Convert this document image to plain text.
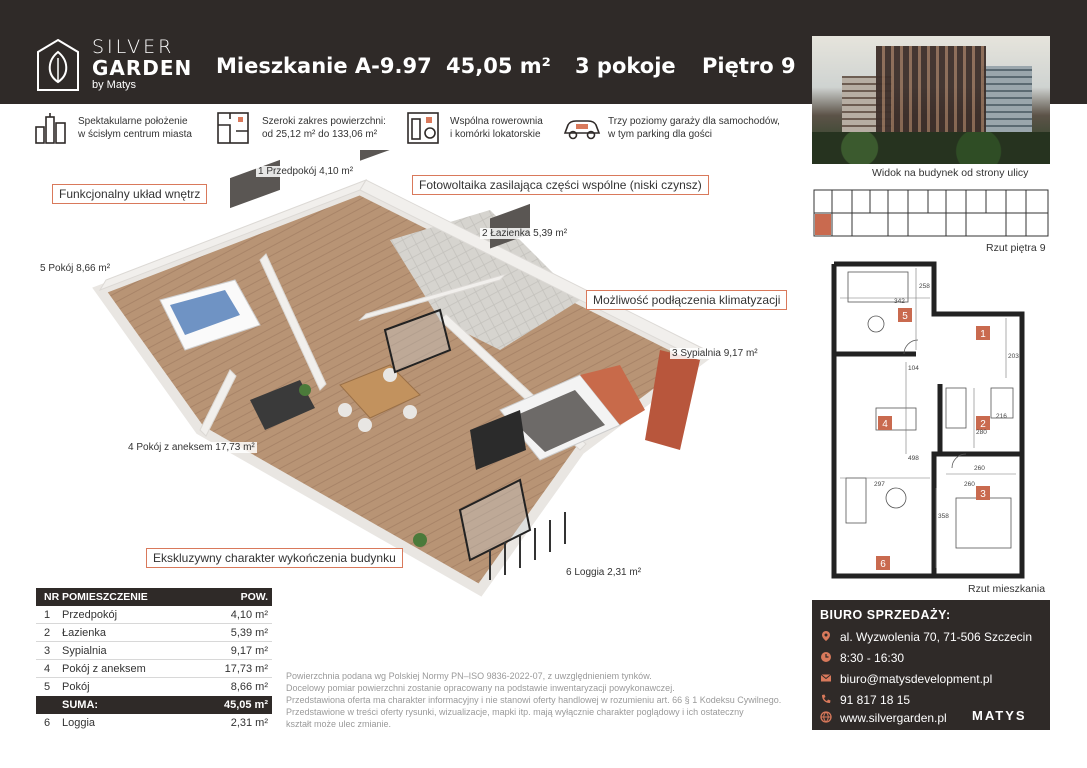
SILVER
GARDEN
by Matys
Mieszkanie A-9.97 45,05 m² 3 pokoje Piętro 9
Widok na budynek od strony ulicy
Spektakularne położenie
w ścisłym centrum miasta
Szeroki zakres powierzchni:
od 25,12 m² do 133,06 m²
Wspólna rowerownia
i komórki lokatorskie
Trzy poziomy garaży dla samochodów,
w tym parking dla gości
1 Przedpokój 4,10 m²
2 Łazienka 5,39 m²
3 Sypialnia 9,17 m²
4 Pokój z aneksem 17,73 m²
5 Pokój 8,66 m²
6 Loggia 2,31 m²
Funkcjonalny układ wnętrz
Fotowoltaika zasilająca części wspólne (niski czynsz)
Możliwość podłączenia klimatyzacji
Ekskluzywny charakter wykończenia budynku
NR POMIESZCZENIE	POW.
1 Przedpokój	4,10 m²
2 Łazienka	5,39 m²
3 Sypialnia	9,17 m²
4 Pokój z aneksem	17,73 m²
5 Pokój	8,66 m²
SUMA:	45,05 m²
6 Loggia	2,31 m²
Powierzchnia podana wg Polskiej Normy PN–ISO 9836-2022-07, z uwzględnieniem tynków.
Docelowy pomiar powierzchni zostanie opracowany na podstawie inwentaryzacji powykonawczej.
Przedstawiona oferta ma charakter informacyjny i nie stanowi oferty handlowej w rozumieniu art. 66 § 1 Kodeksu Cywilnego.
Przedstawione w treści oferty rysunki, wizualizacje, mapki itp. mają wyłącznie charakter poglądowy i ich ostateczny
kształt może ulec zmianie.
Rzut piętra 9
1
2
3
4
5
6
342
258
104
203
216
260
498
297
260
358
280
Rzut mieszkania
BIURO SPRZEDAŻY:
al. Wyzwolenia 70, 71-506 Szczecin
8:30 - 16:30
biuro@matysdevelopment.pl
91 817 18 15
www.silvergarden.pl MATYS
